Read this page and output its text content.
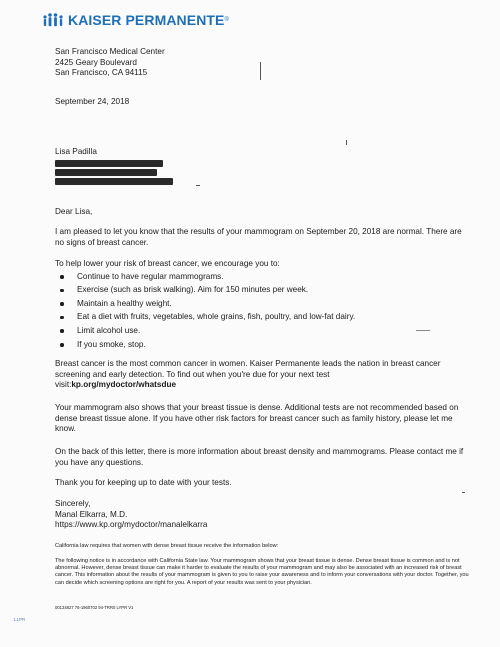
KAISER PERMANENTE ®
San Francisco Medical Center
2425 Geary Boulevard
San Francisco, CA 94115
September 24, 2018
Lisa Padilla
Dear Lisa,
I am pleased to let you know that the results of your mammogram on September 20, 2018 are normal. There are no signs of breast cancer.
To help lower your risk of breast cancer, we encourage you to:
Continue to have regular mammograms.
Exercise (such as brisk walking). Aim for 150 minutes per week.
Maintain a healthy weight.
Eat a diet with fruits, vegetables, whole grains, fish, poultry, and low-fat dairy.
Limit alcohol use.
If you smoke, stop.
Breast cancer is the most common cancer in women. Kaiser Permanente leads the nation in breast cancer screening and early detection. To find out when you're due for your next test
visit:kp.org/mydoctor/whatsdue
Your mammogram also shows that your breast tissue is dense. Additional tests are not recommended based on dense breast tissue alone. If you have other risk factors for breast cancer such as family history, please let me know.
On the back of this letter, there is more information about breast density and mammograms. Please contact me if you have any questions.
Thank you for keeping up to date with your tests.
Sincerely,
Manal Elkarra, M.D.
https://www.kp.org/mydoctor/manalelkarra
California law requires that women with dense breast tissue receive the information below:
The following notice is in accordance with California State law. Your mammogram shows that your breast tissue is dense. Dense breast tissue is common and is not abnormal. However, dense breast tissue can make it harder to evaluate the results of your mammogram and may also be associated with an increased risk of breast cancer. This information about the results of your mammogram is given to you to raise your awareness and to inform your conversations with your doctor. Together, you can decide which screening options are right for you. A report of your results was sent to your physician.
00134827 76-1960702 94-TRR0 LYPR V1
L1PR
